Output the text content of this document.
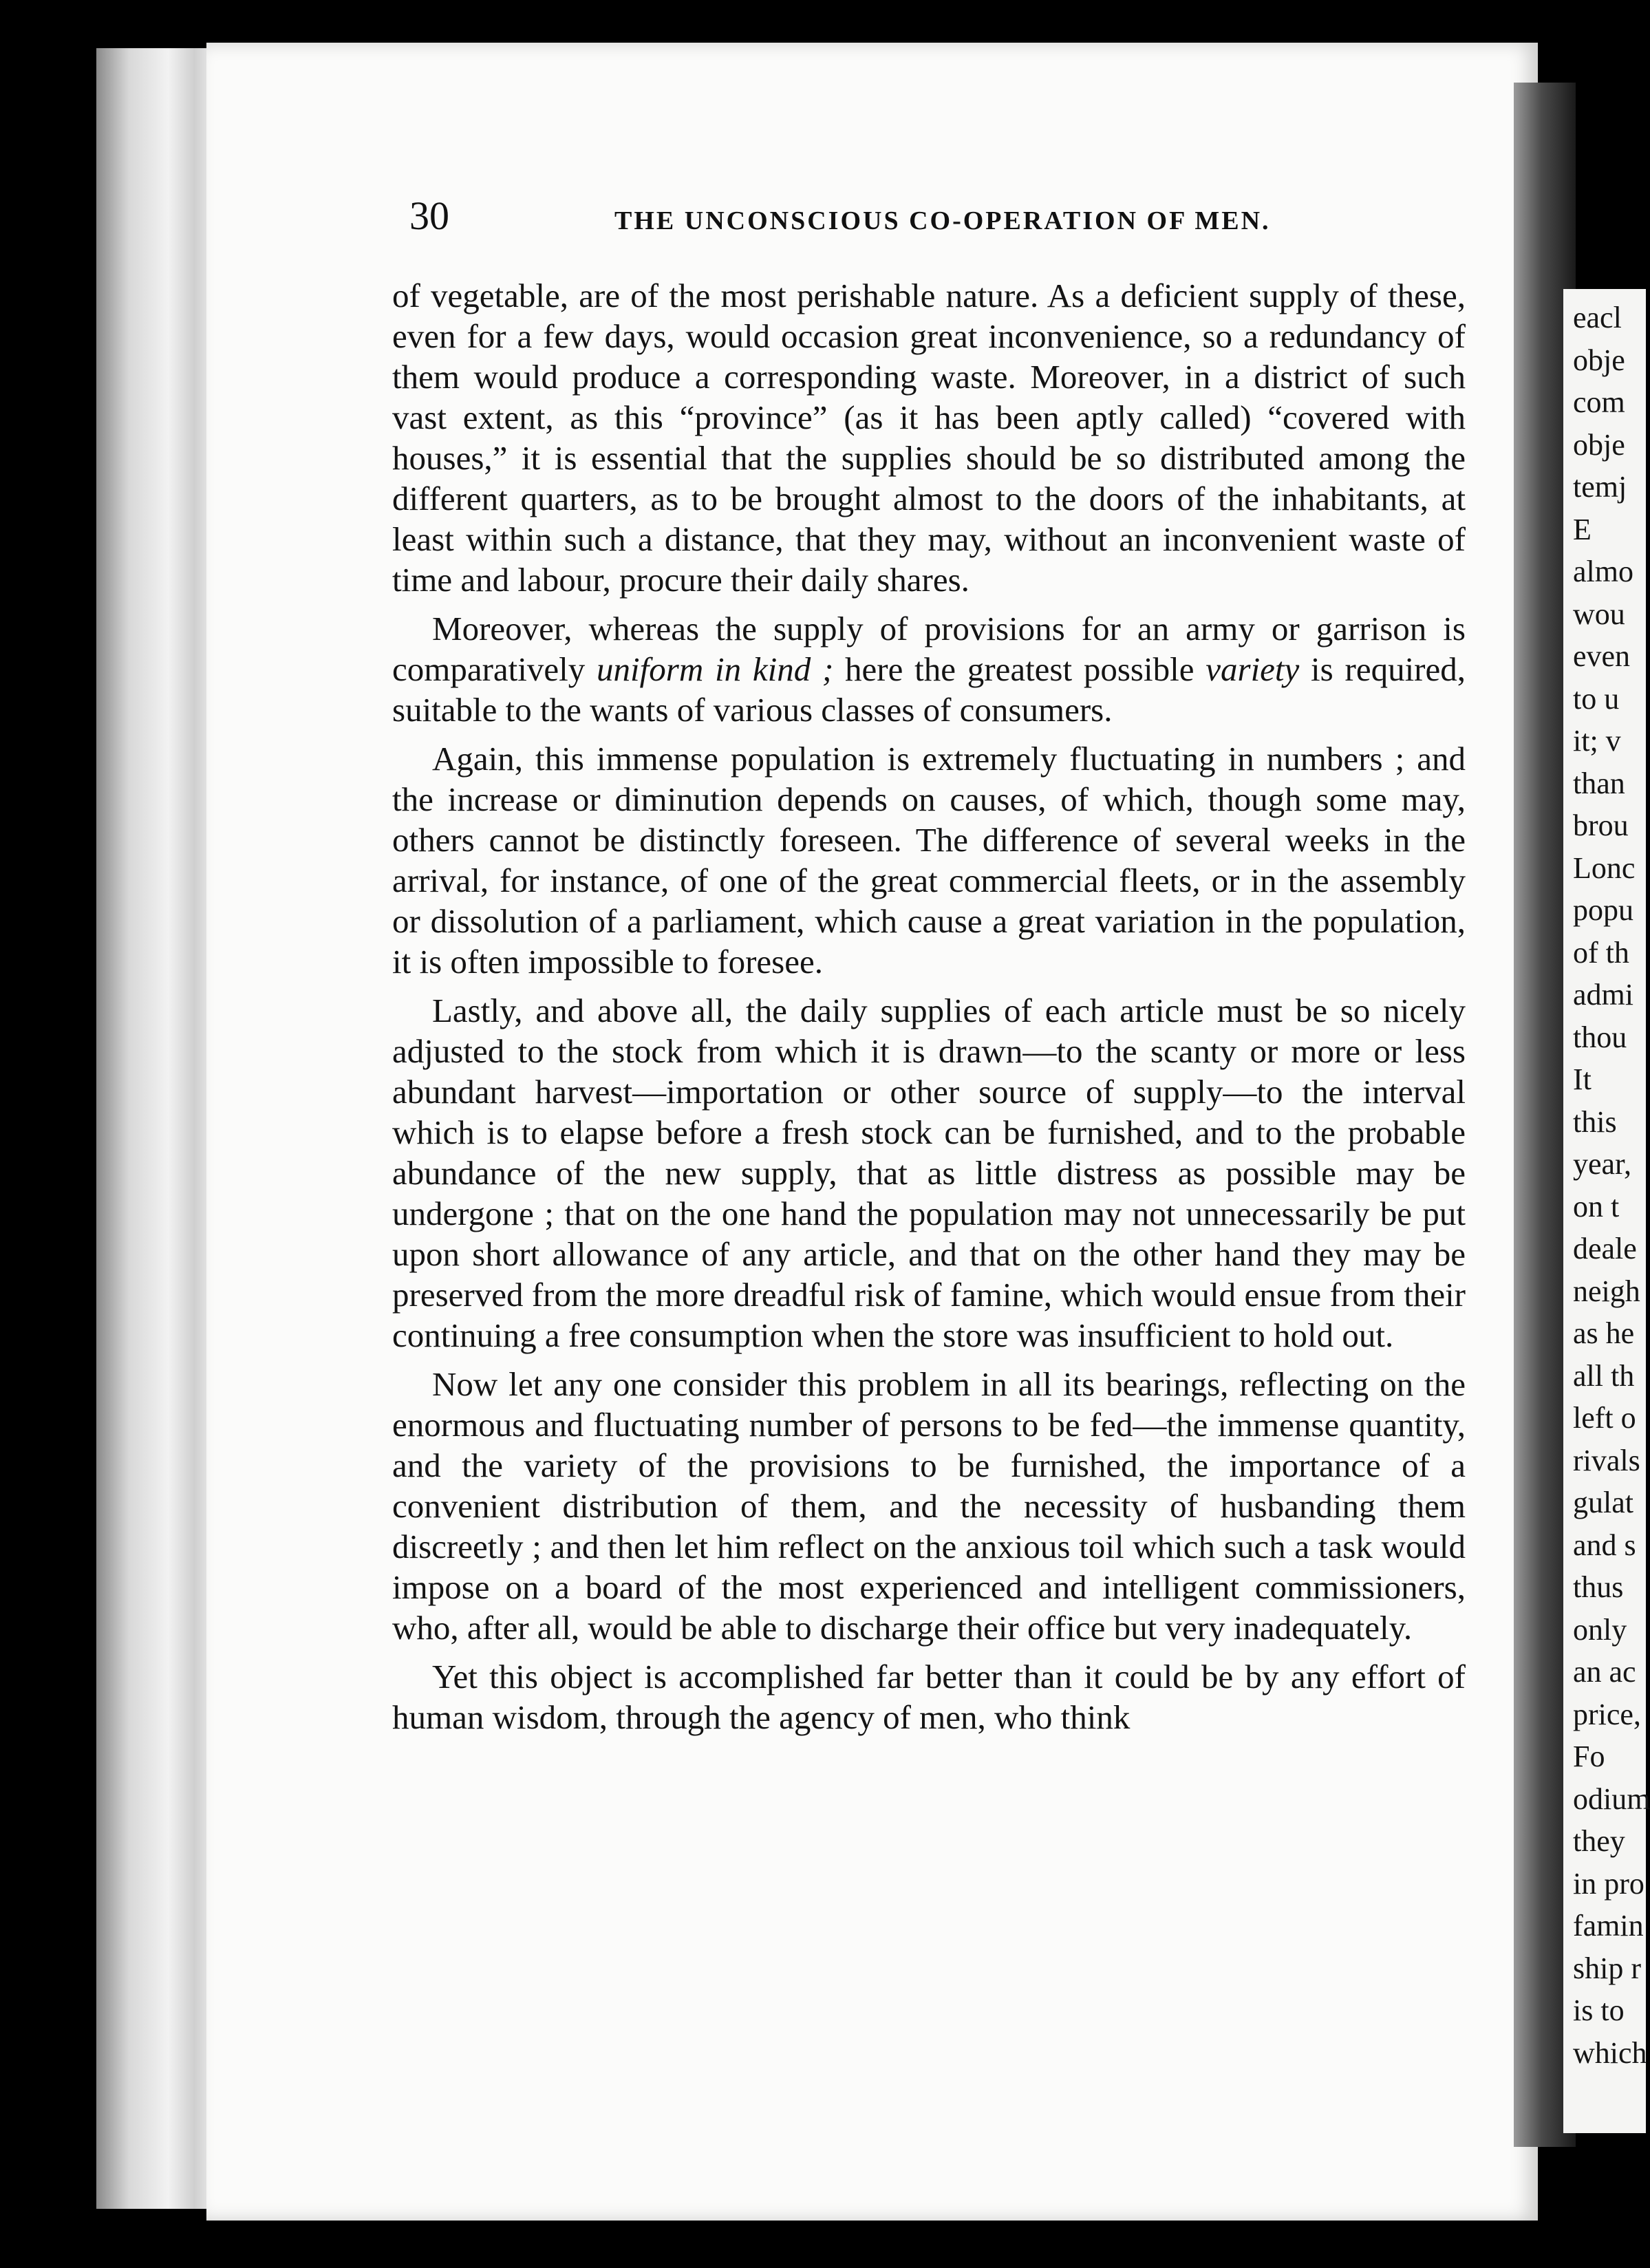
eacl
obje
com
obje
temj
E
almo
wou
even
to u
it; v
than
brou
Lonc
popu
of th
admi
thou
It
this
year,
on t
deale
neigh
as he
all th
left o
rivals
gulat
and s
thus
only
an ac
price,
Fo
odium
they
in pro
famin
ship r
is to
which
30	THE UNCONSCIOUS CO-OPERATION OF MEN.

of vegetable, are of the most perishable nature. As a deficient supply of these, even for a few days, would occasion great inconvenience, so a redundancy of them would produce a corresponding waste. Moreover, in a district of such vast extent, as this “province” (as it has been aptly called) “covered with houses,” it is essential that the supplies should be so distributed among the different quarters, as to be brought almost to the doors of the inhabitants, at least within such a distance, that they may, without an inconvenient waste of time and labour, procure their daily shares.

Moreover, whereas the supply of provisions for an army or garrison is comparatively uniform in kind ; here the greatest possible variety is required, suitable to the wants of various classes of consumers.

Again, this immense population is extremely fluctuating in numbers ; and the increase or diminution depends on causes, of which, though some may, others cannot be distinctly foreseen. The difference of several weeks in the arrival, for instance, of one of the great commercial fleets, or in the assembly or dissolution of a parliament, which cause a great variation in the population, it is often impossible to foresee.

Lastly, and above all, the daily supplies of each article must be so nicely adjusted to the stock from which it is drawn—to the scanty or more or less abundant harvest—importation or other source of supply—to the interval which is to elapse before a fresh stock can be furnished, and to the probable abundance of the new supply, that as little distress as possible may be undergone ; that on the one hand the population may not unnecessarily be put upon short allowance of any article, and that on the other hand they may be preserved from the more dreadful risk of famine, which would ensue from their continuing a free consumption when the store was insufficient to hold out.

Now let any one consider this problem in all its bearings, reflecting on the enormous and fluctuating number of persons to be fed—the immense quantity, and the variety of the provisions to be furnished, the importance of a convenient distribution of them, and the necessity of husbanding them discreetly ; and then let him reflect on the anxious toil which such a task would impose on a board of the most experienced and intelligent commissioners, who, after all, would be able to discharge their office but very inadequately.

Yet this object is accomplished far better than it could be by any effort of human wisdom, through the agency of men, who think
